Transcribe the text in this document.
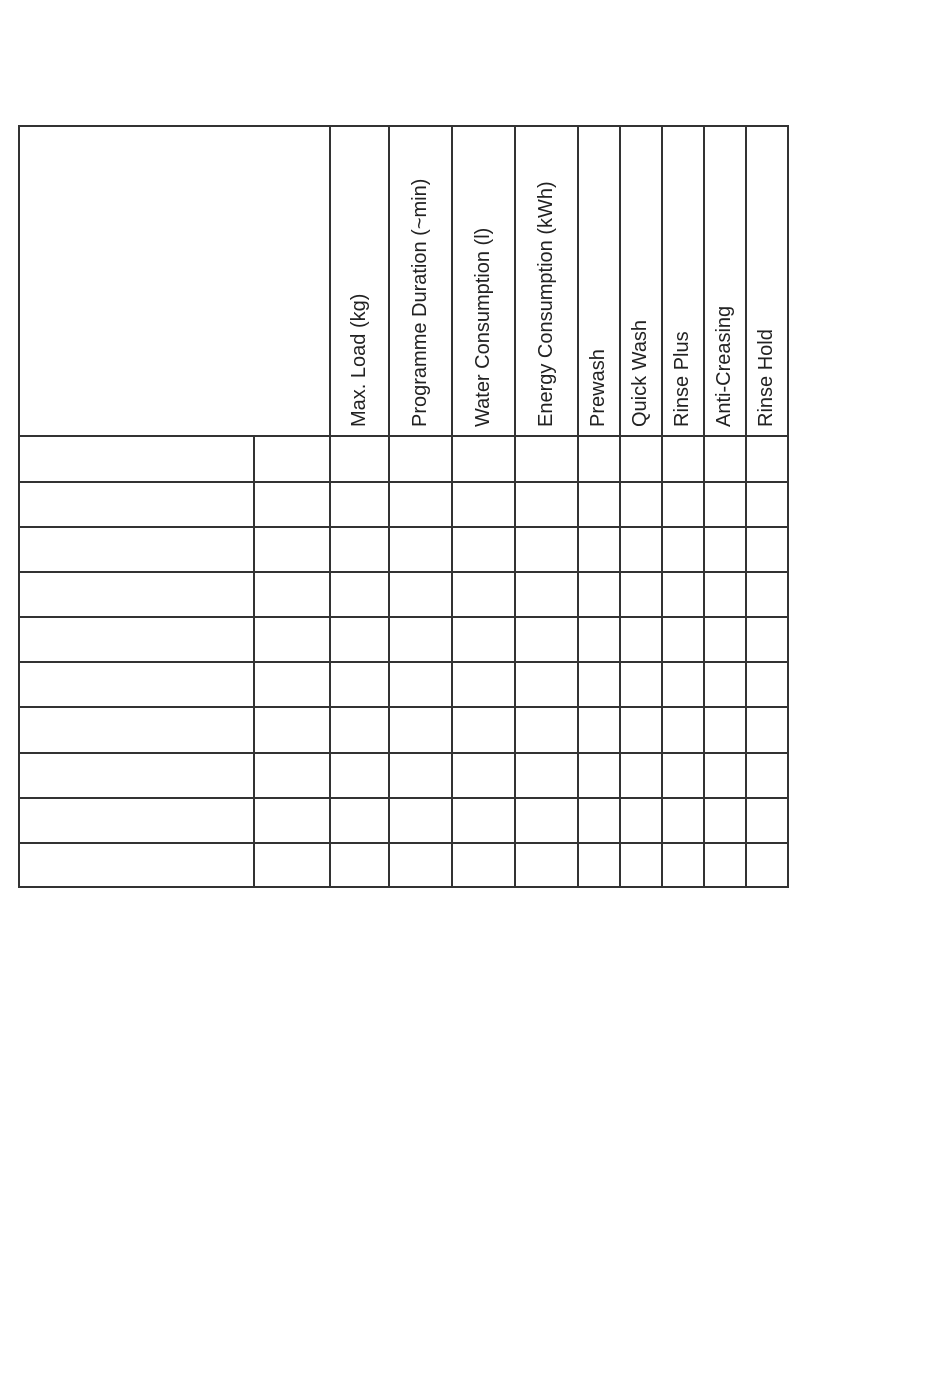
Max. Load (kg) Programme Duration (~min) Water Consumption (l) Energy Consumption (kWh) Prewash Quick Wash Rinse Plus Anti-Creasing Rinse Hold
